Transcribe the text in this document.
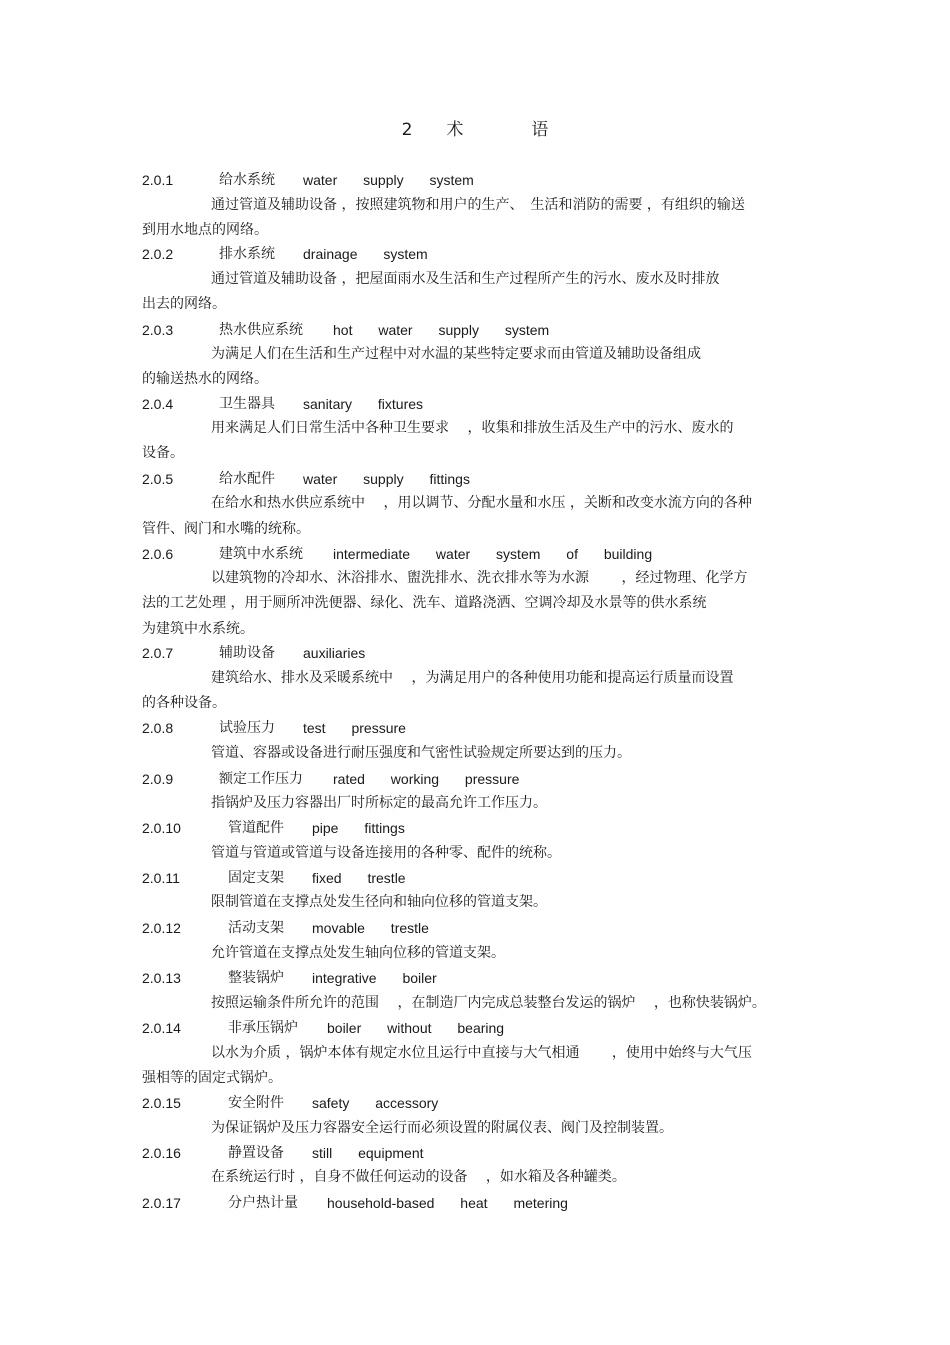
2　　术　　　　语
2.0.1	给水系统 water supply system
通过管道及辅助设备 ，按照建筑物和用户的生产、　生活和消防的需要 ，有组织的输送
到用水地点的网络。
2.0.2	排水系统 drainage system
通过管道及辅助设备 ，把屋面雨水及生活和生产过程所产生的污水、废水及时排放
出去的网络。
2.0.3	热水供应系统 hot water supply system
为满足人们在生活和生产过程中对水温的某些特定要求而由管道及辅助设备组成
的输送热水的网络。
2.0.4	卫生器具 sanitary fixtures
用来满足人们日常生活中各种卫生要求 　，收集和排放生活及生产中的污水、废水的
设备。
2.0.5	给水配件 water supply fittings
在给水和热水供应系统中 　，用以调节、分配水量和水压 ，关断和改变水流方向的各种
管件、阀门和水嘴的统称。
2.0.6	建筑中水系统 intermediate water system of building
以建筑物的冷却水、沐浴排水、盥洗排水、洗衣排水等为水源 　　，经过物理、化学方
法的工艺处理 ，用于厕所冲洗便器、绿化、洗车、道路浇洒、空调冷却及水景等的供水系统
为建筑中水系统。
2.0.7	辅助设备 auxiliaries
建筑给水、排水及采暖系统中 　，为满足用户的各种使用功能和提高运行质量而设置
的各种设备。
2.0.8	试验压力 test pressure
管道、容器或设备进行耐压强度和气密性试验规定所要达到的压力。
2.0.9	额定工作压力 rated working pressure
指锅炉及压力容器出厂时所标定的最高允许工作压力。
2.0.10	管道配件 pipe fittings
管道与管道或管道与设备连接用的各种零、配件的统称。
2.0.11	固定支架 fixed trestle
限制管道在支撑点处发生径向和轴向位移的管道支架。
2.0.12	活动支架 movable trestle
允许管道在支撑点处发生轴向位移的管道支架。
2.0.13	整装锅炉 integrative boiler
按照运输条件所允许的范围 　，在制造厂内完成总装整台发运的锅炉 　，也称快装锅炉。
2.0.14	非承压锅炉 boiler without bearing
以水为介质 ，锅炉本体有规定水位且运行中直接与大气相通 　　，使用中始终与大气压
强相等的固定式锅炉。
2.0.15	安全附件 safety accessory
为保证锅炉及压力容器安全运行而必须设置的附属仪表、阀门及控制装置。
2.0.16	静置设备 still equipment
在系统运行时 ，自身不做任何运动的设备 　，如水箱及各种罐类。
2.0.17	分户热计量 household-based heat metering
